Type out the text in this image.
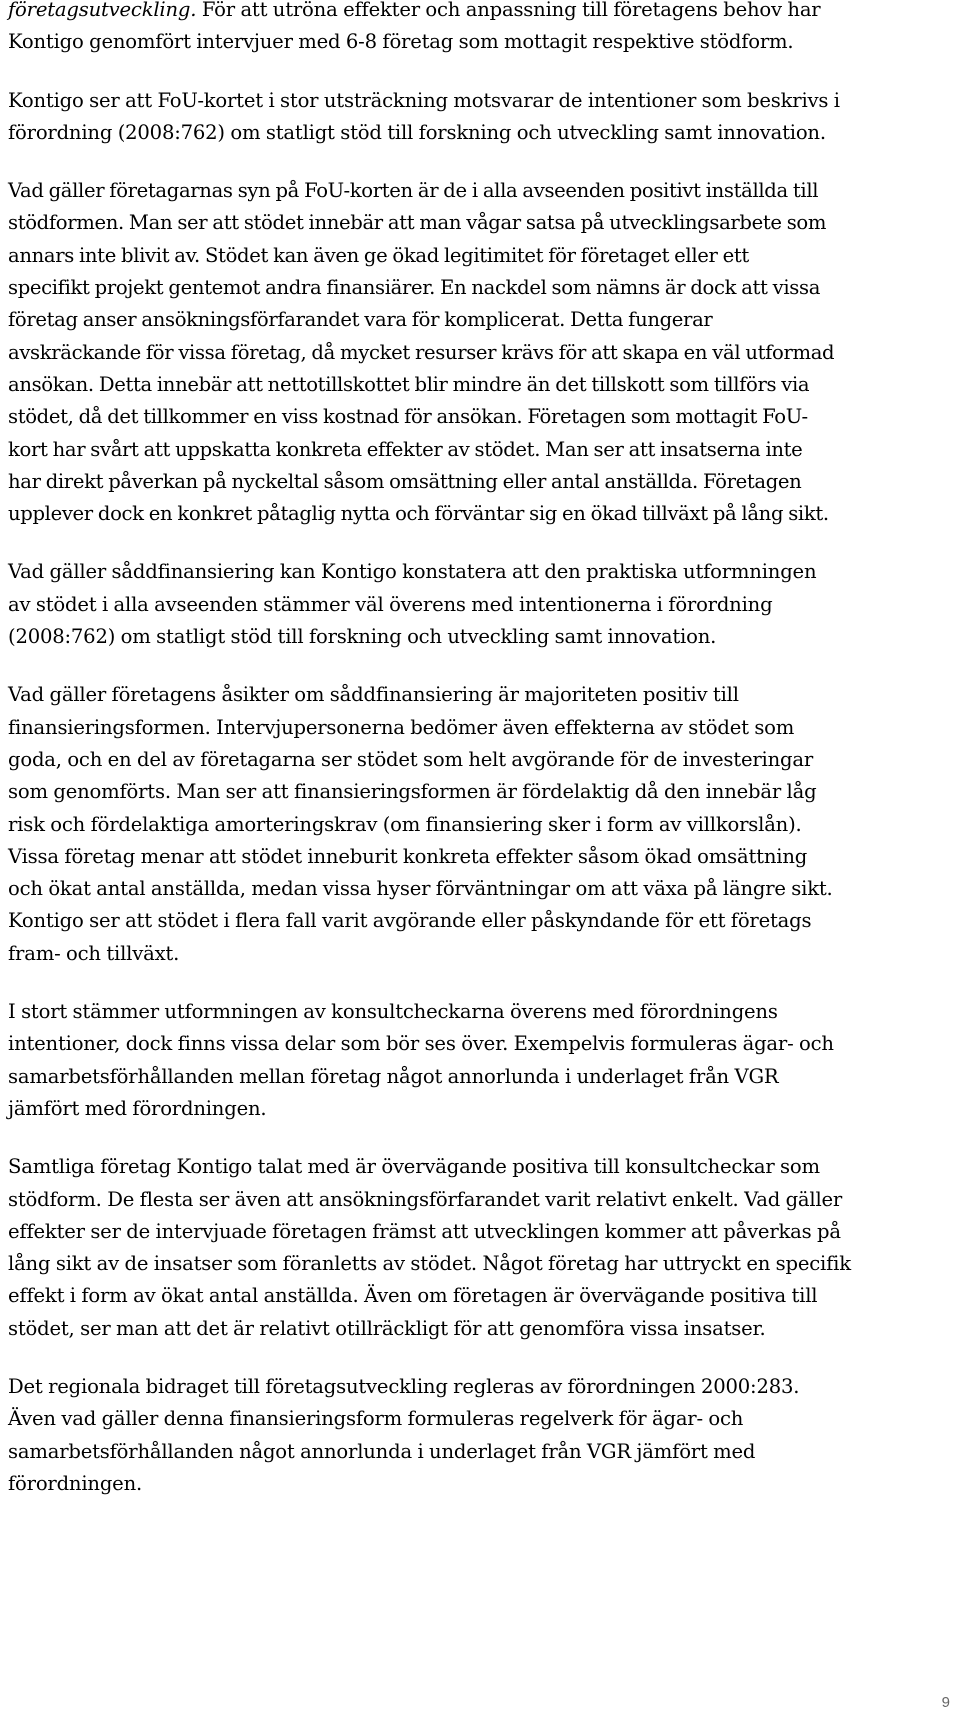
företagsutveckling. För att utröna effekter och anpassning till företagens behov har
Kontigo genomfört intervjuer med 6-8 företag som mottagit respektive stödform.

Kontigo ser att FoU-kortet i stor utsträckning motsvarar de intentioner som beskrivs i
förordning (2008:762) om statligt stöd till forskning och utveckling samt innovation.

Vad gäller företagarnas syn på FoU-korten är de i alla avseenden positivt inställda till
stödformen. Man ser att stödet innebär att man vågar satsa på utvecklingsarbete som
annars inte blivit av. Stödet kan även ge ökad legitimitet för företaget eller ett
specifikt projekt gentemot andra finansiärer. En nackdel som nämns är dock att vissa
företag anser ansökningsförfarandet vara för komplicerat. Detta fungerar
avskräckande för vissa företag, då mycket resurser krävs för att skapa en väl utformad
ansökan. Detta innebär att nettotillskottet blir mindre än det tillskott som tillförs via
stödet, då det tillkommer en viss kostnad för ansökan. Företagen som mottagit FoU-
kort har svårt att uppskatta konkreta effekter av stödet. Man ser att insatserna inte
har direkt påverkan på nyckeltal såsom omsättning eller antal anställda. Företagen
upplever dock en konkret påtaglig nytta och förväntar sig en ökad tillväxt på lång sikt.

Vad gäller såddfinansiering kan Kontigo konstatera att den praktiska utformningen
av stödet i alla avseenden stämmer väl överens med intentionerna i förordning
(2008:762) om statligt stöd till forskning och utveckling samt innovation.

Vad gäller företagens åsikter om såddfinansiering är majoriteten positiv till
finansieringsformen. Intervjupersonerna bedömer även effekterna av stödet som
goda, och en del av företagarna ser stödet som helt avgörande för de investeringar
som genomförts. Man ser att finansieringsformen är fördelaktig då den innebär låg
risk och fördelaktiga amorteringskrav (om finansiering sker i form av villkorslån).
Vissa företag menar att stödet inneburit konkreta effekter såsom ökad omsättning
och ökat antal anställda, medan vissa hyser förväntningar om att växa på längre sikt.
Kontigo ser att stödet i flera fall varit avgörande eller påskyndande för ett företags
fram- och tillväxt.

I stort stämmer utformningen av konsultcheckarna överens med förordningens
intentioner, dock finns vissa delar som bör ses över. Exempelvis formuleras ägar- och
samarbetsförhållanden mellan företag något annorlunda i underlaget från VGR
jämfört med förordningen.

Samtliga företag Kontigo talat med är övervägande positiva till konsultcheckar som
stödform. De flesta ser även att ansökningsförfarandet varit relativt enkelt. Vad gäller
effekter ser de intervjuade företagen främst att utvecklingen kommer att påverkas på
lång sikt av de insatser som föranletts av stödet. Något företag har uttryckt en specifik
effekt i form av ökat antal anställda. Även om företagen är övervägande positiva till
stödet, ser man att det är relativt otillräckligt för att genomföra vissa insatser.

Det regionala bidraget till företagsutveckling regleras av förordningen 2000:283.
Även vad gäller denna finansieringsform formuleras regelverk för ägar- och
samarbetsförhållanden något annorlunda i underlaget från VGR jämfört med
förordningen.

9
